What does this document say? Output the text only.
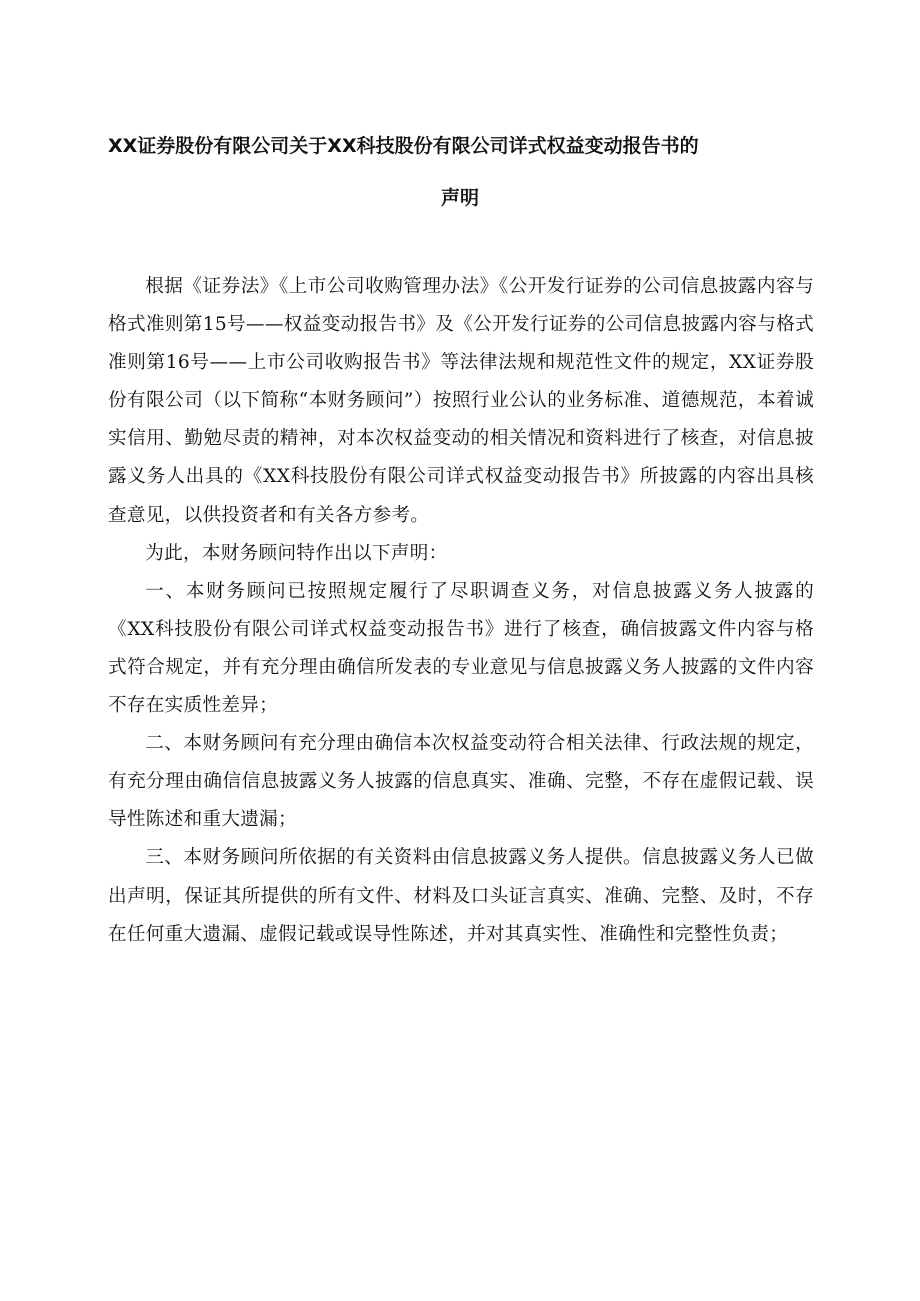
XX证券股份有限公司关于XX科技股份有限公司详式权益变动报告书的
声明

根据《证券法》《上市公司收购管理办法》《公开发行证券的公司信息披露内容与格式准则第15号——权益变动报告书》及《公开发行证券的公司信息披露内容与格式准则第16号——上市公司收购报告书》等法律法规和规范性文件的规定，XX证券股份有限公司（以下简称“本财务顾问”）按照行业公认的业务标准、道德规范，本着诚实信用、勤勉尽责的精神，对本次权益变动的相关情况和资料进行了核查，对信息披露义务人出具的《XX科技股份有限公司详式权益变动报告书》所披露的内容出具核查意见，以供投资者和有关各方参考。

为此，本财务顾问特作出以下声明：

一、本财务顾问已按照规定履行了尽职调查义务，对信息披露义务人披露的《XX科技股份有限公司详式权益变动报告书》进行了核查，确信披露文件内容与格式符合规定，并有充分理由确信所发表的专业意见与信息披露义务人披露的文件内容不存在实质性差异；

二、本财务顾问有充分理由确信本次权益变动符合相关法律、行政法规的规定，有充分理由确信信息披露义务人披露的信息真实、准确、完整，不存在虚假记载、误导性陈述和重大遗漏；

三、本财务顾问所依据的有关资料由信息披露义务人提供。信息披露义务人已做出声明，保证其所提供的所有文件、材料及口头证言真实、准确、完整、及时，不存在任何重大遗漏、虚假记载或误导性陈述，并对其真实性、准确性和完整性负责；
